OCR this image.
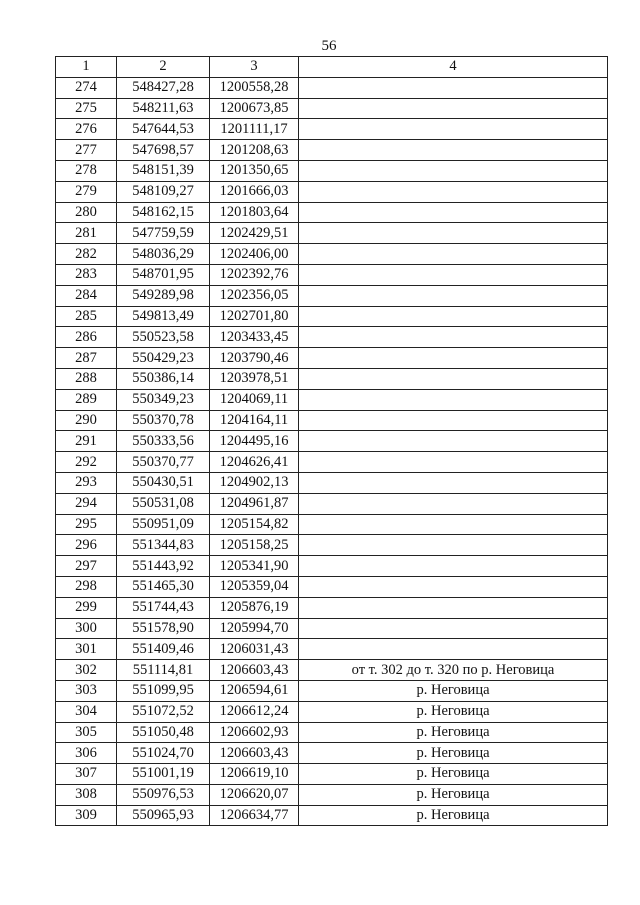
56
1	2	3	4
274	548427,28	1200558,28	
275	548211,63	1200673,85	
276	547644,53	1201111,17	
277	547698,57	1201208,63	
278	548151,39	1201350,65	
279	548109,27	1201666,03	
280	548162,15	1201803,64	
281	547759,59	1202429,51	
282	548036,29	1202406,00	
283	548701,95	1202392,76	
284	549289,98	1202356,05	
285	549813,49	1202701,80	
286	550523,58	1203433,45	
287	550429,23	1203790,46	
288	550386,14	1203978,51	
289	550349,23	1204069,11	
290	550370,78	1204164,11	
291	550333,56	1204495,16	
292	550370,77	1204626,41	
293	550430,51	1204902,13	
294	550531,08	1204961,87	
295	550951,09	1205154,82	
296	551344,83	1205158,25	
297	551443,92	1205341,90	
298	551465,30	1205359,04	
299	551744,43	1205876,19	
300	551578,90	1205994,70	
301	551409,46	1206031,43	
302	551114,81	1206603,43	от т. 302 до т. 320 по р. Неговица
303	551099,95	1206594,61	р. Неговица
304	551072,52	1206612,24	р. Неговица
305	551050,48	1206602,93	р. Неговица
306	551024,70	1206603,43	р. Неговица
307	551001,19	1206619,10	р. Неговица
308	550976,53	1206620,07	р. Неговица
309	550965,93	1206634,77	р. Неговица
